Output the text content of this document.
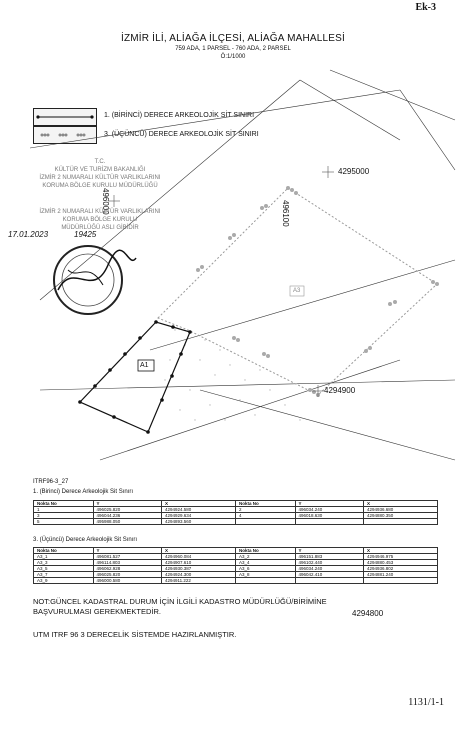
Ek-3
İZMİR İLİ, ALİAĞA İLÇESİ, ALİAĞA MAHALLESİ
759 ADA, 1 PARSEL - 760 ADA, 2 PARSEL
Ö:1/1000
1. (BİRİNCİ) DERECE ARKEOLOJİK SİT SINIRI
3. (ÜÇÜNCÜ) DERECE ARKEOLOJİK SİT SINIRI
A1
A3
4295000
4294900
4294800
496100
496000
T.C.
KÜLTÜR VE TURİZM BAKANLIĞI
İZMİR 2 NUMARALI KÜLTÜR VARLIKLARINI
KORUMA BÖLGE KURULU MÜDÜRLÜĞÜ
İZMİR 2 NUMARALI KÜLTÜR VARLIKLARINI
KORUMA BÖLGE KURULU
MÜDÜRLÜĞÜ ASLI GİBİDİR
17.01.2023	19425
ITRF96-3_27
1. (Birinci) Derece Arkeolojik Sit Sınırı
Nokta No	Y	X	Nokta No	Y	X
1	496025.820	4294924.580	2	496034.240	4294936.680
3	496044.236	4294929.634	4	496018.630	4294880.350
5	495988.050	4294893.560			
3. (Üçüncü) Derece Arkeolojik Sit Sınırı
Nokta No	Y	X	Nokta No	Y	X
A3_1	496081.527	4294960.084	A3_2	496151.883	4294946.975
A3_3	496114.803	4294907.610	A3_4	496102.440	4294880.453
A3_5	496062.928	4294930.387	A3_6	496034.240	4294936.802
A3_7	496025.820	4294924.300	A3_8	496042.410	4294881.240
A3_9	496000.580	4294911.222			
NOT:GÜNCEL KADASTRAL DURUM İÇİN İLGİLİ KADASTRO MÜDÜRLÜĞÜ/BİRİMİNE
BAŞVURULMASI GEREKMEKTEDİR.
UTM ITRF 96 3 DERECELİK SİSTEMDE HAZIRLANMIŞTIR.
1131/1-1
